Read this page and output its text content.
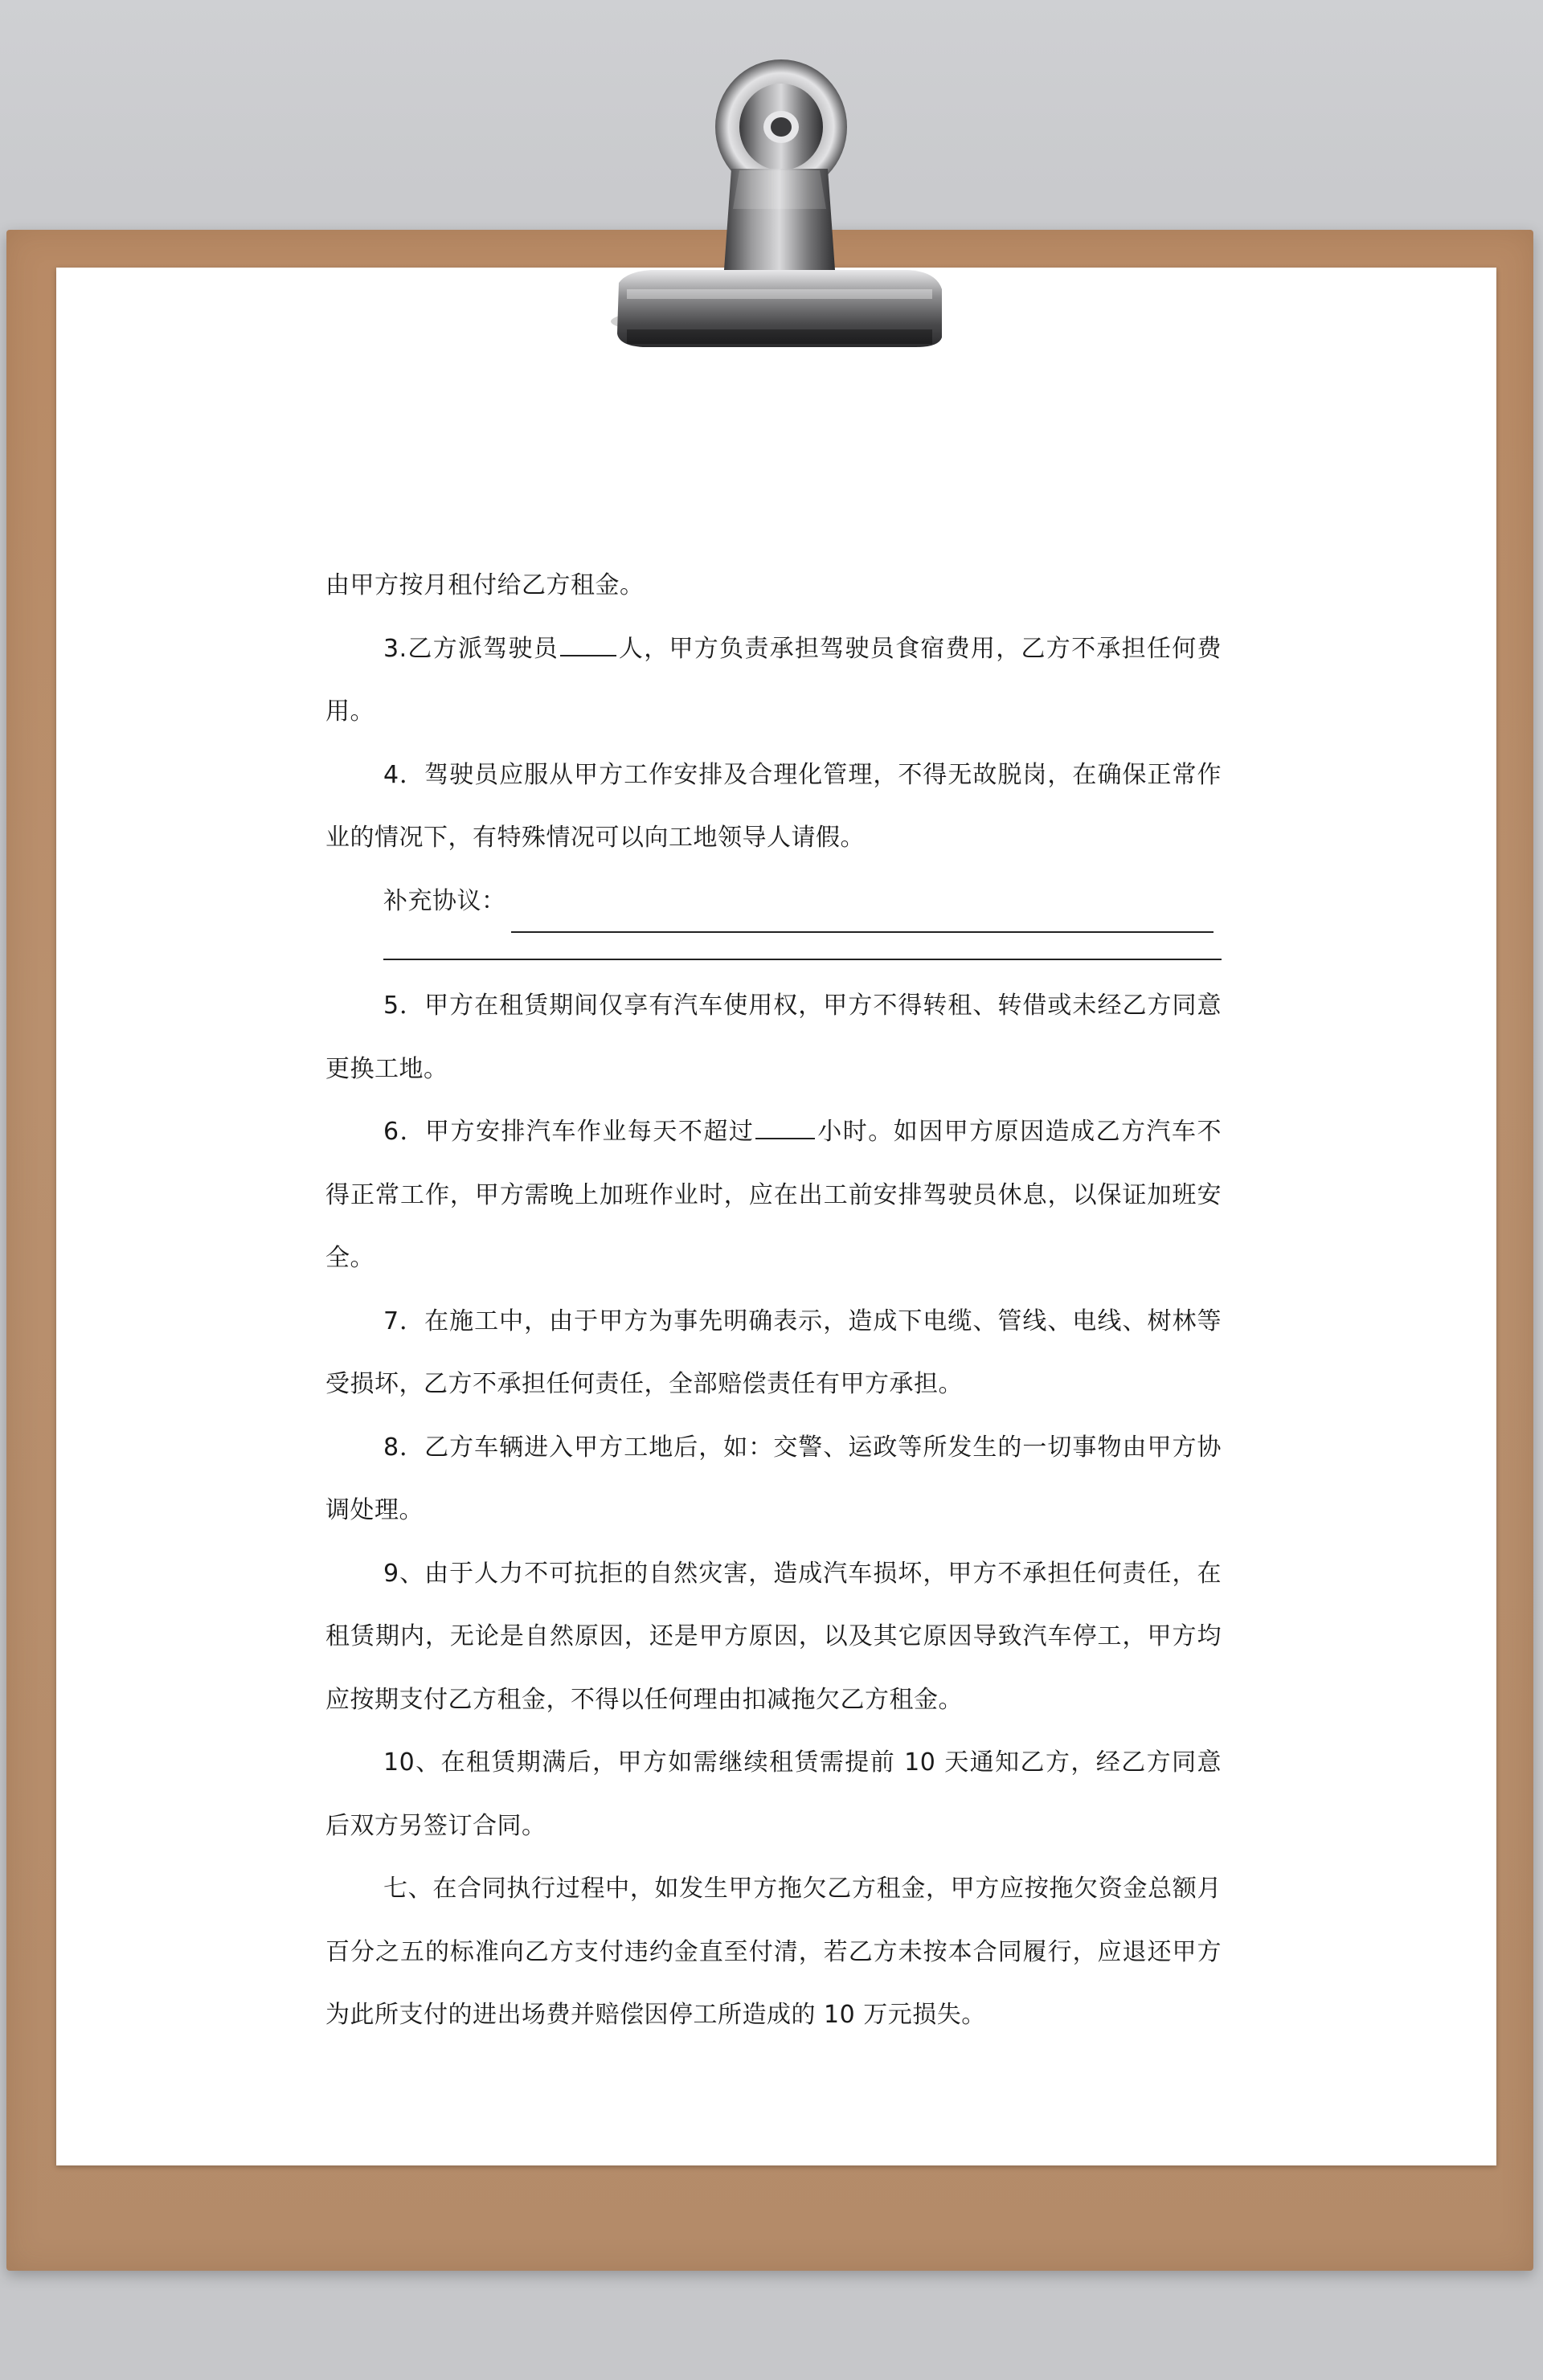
由甲方按月租付给乙方租金。

3.乙方派驾驶员 人，甲方负责承担驾驶员食宿费用，乙方不承担任何费用。

4．驾驶员应服从甲方工作安排及合理化管理，不得无故脱岗，在确保正常作业的情况下，有特殊情况可以向工地领导人请假。

补充协议：

5．甲方在租赁期间仅享有汽车使用权，甲方不得转租、转借或未经乙方同意更换工地。

6．甲方安排汽车作业每天不超过	小时。如因甲方原因造成乙方汽车不得正常工作，甲方需晚上加班作业时，应在出工前安排驾驶员休息，以保证加班安全。

7．在施工中，由于甲方为事先明确表示，造成下电缆、管线、电线、树林等受损坏，乙方不承担任何责任，全部赔偿责任有甲方承担。

8．乙方车辆进入甲方工地后，如：交警、运政等所发生的一切事物由甲方协调处理。

9、由于人力不可抗拒的自然灾害，造成汽车损坏，甲方不承担任何责任，在租赁期内，无论是自然原因，还是甲方原因，以及其它原因导致汽车停工，甲方均应按期支付乙方租金，不得以任何理由扣减拖欠乙方租金。

10、在租赁期满后，甲方如需继续租赁需提前 10 天通知乙方，经乙方同意后双方另签订合同。

七、在合同执行过程中，如发生甲方拖欠乙方租金，甲方应按拖欠资金总额月百分之五的标准向乙方支付违约金直至付清，若乙方未按本合同履行，应退还甲方为此所支付的进出场费并赔偿因停工所造成的 10 万元损失。
